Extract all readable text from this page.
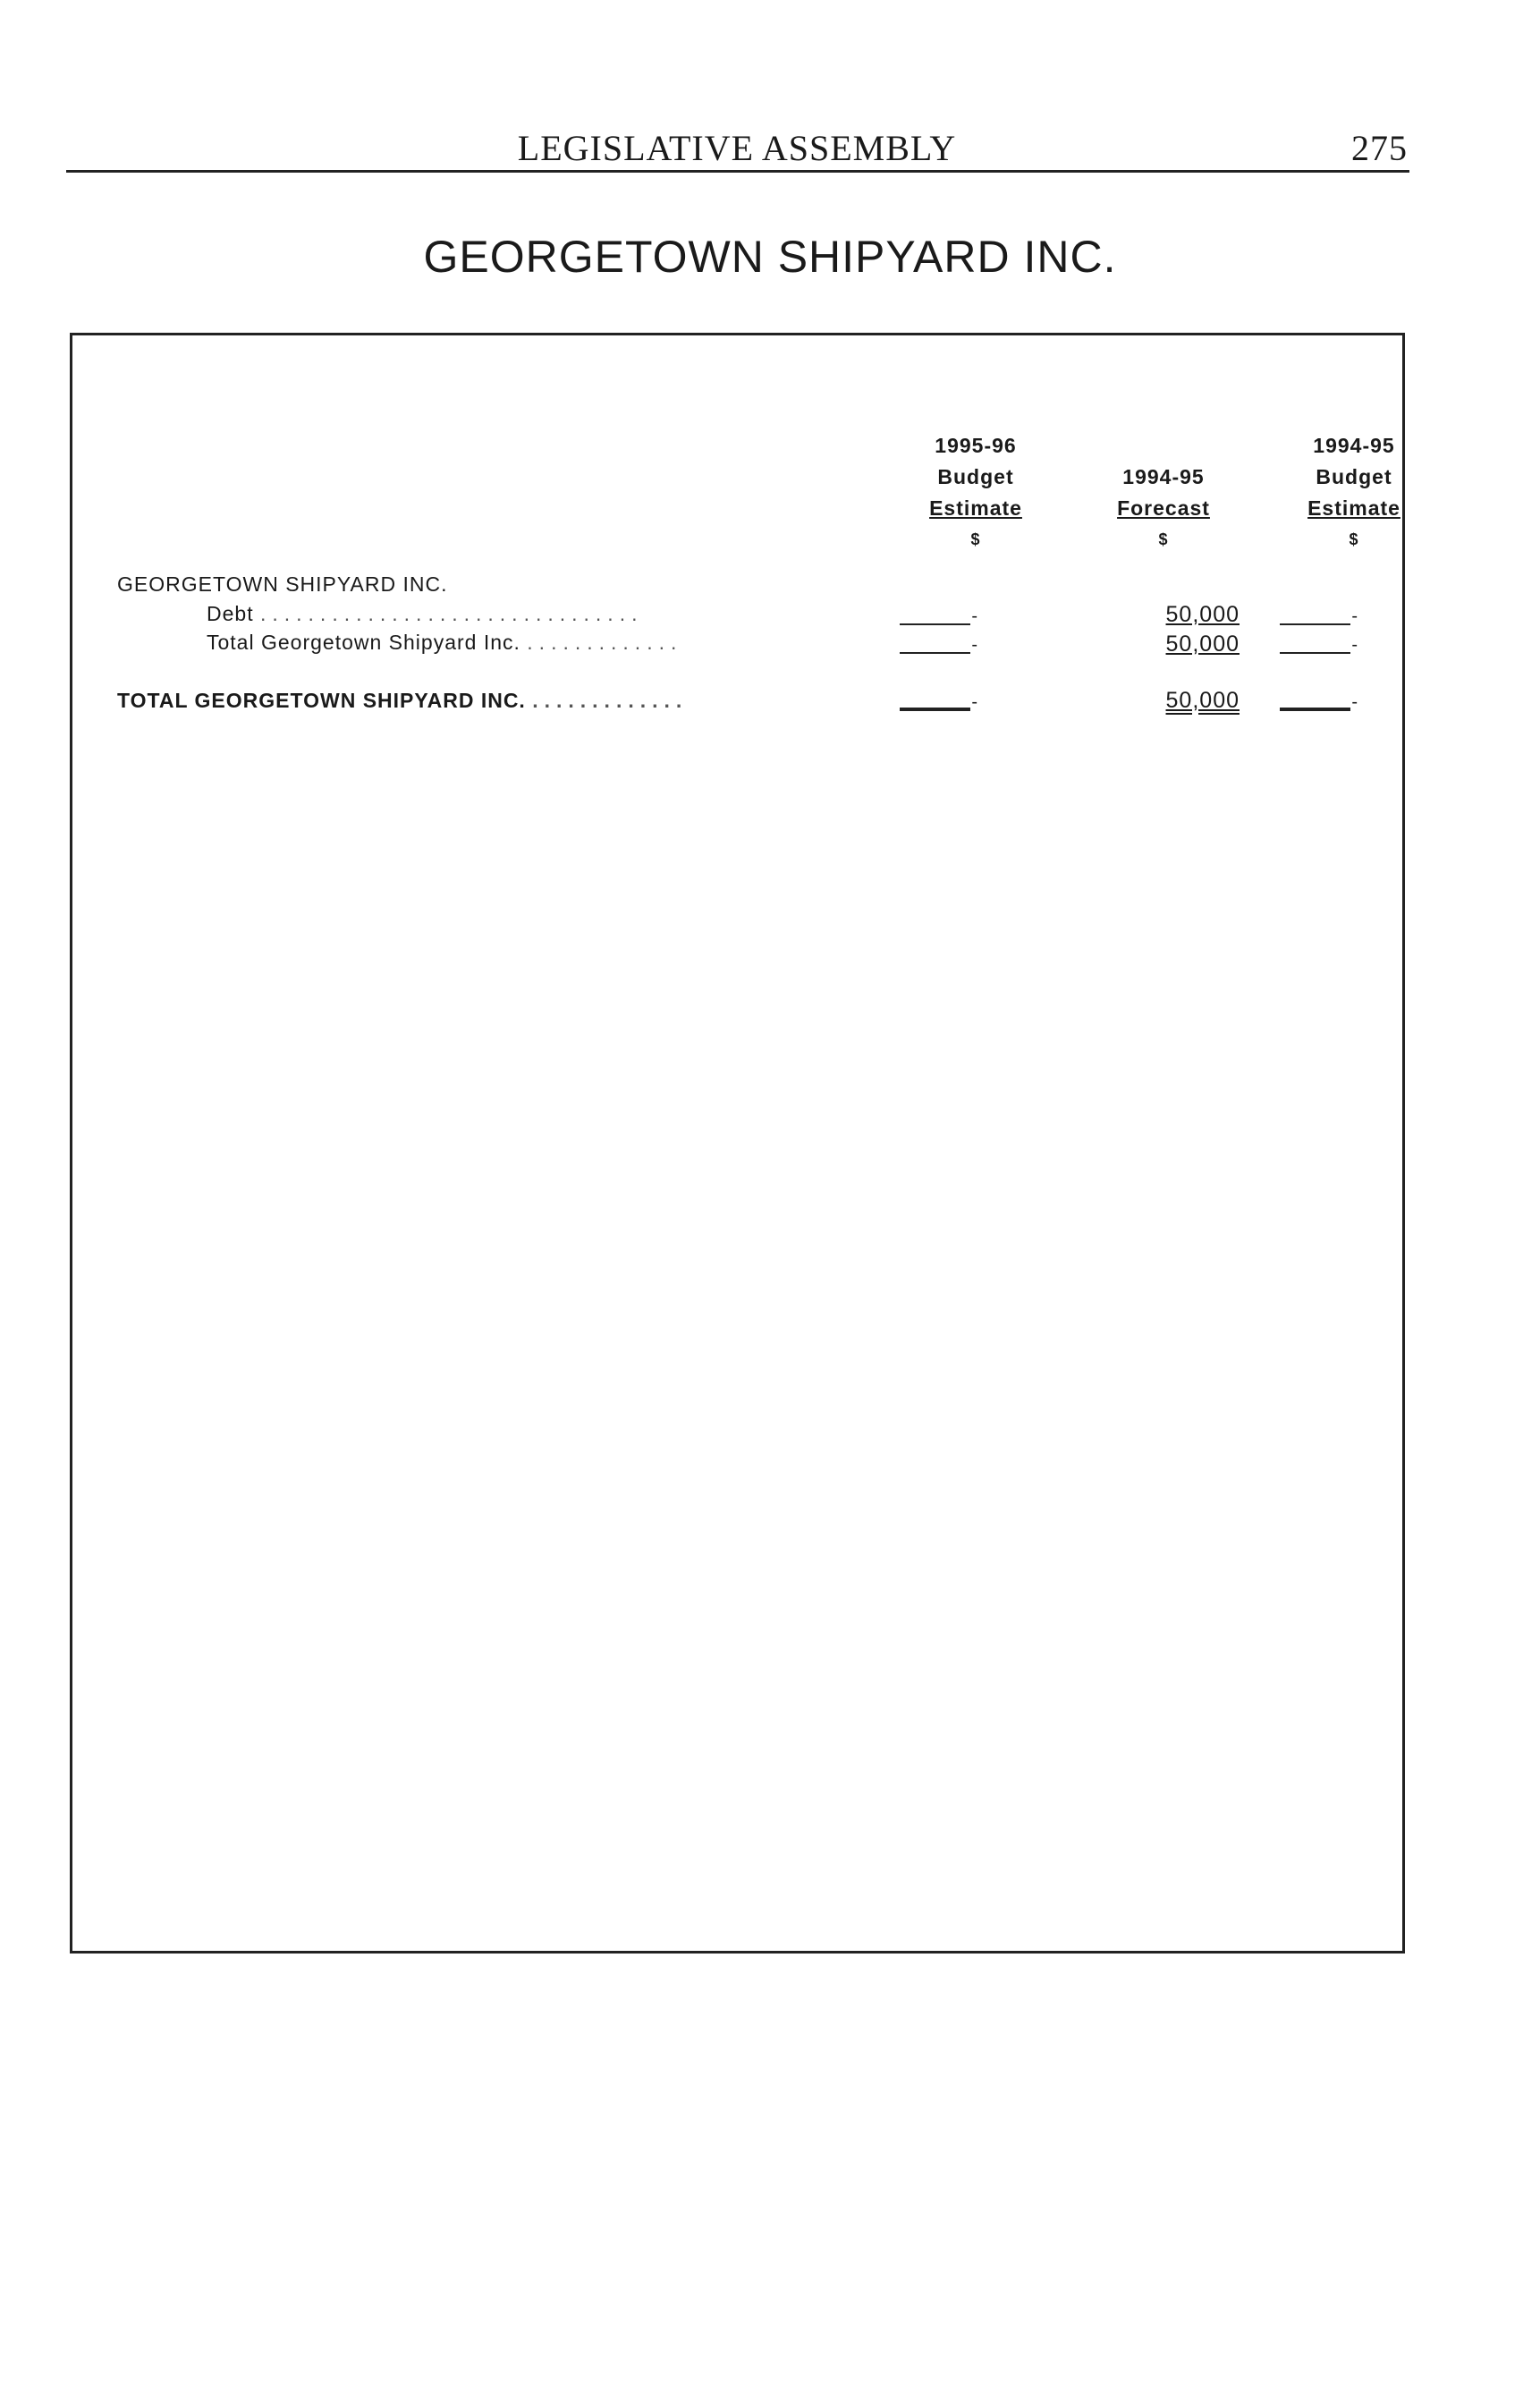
LEGISLATIVE ASSEMBLY	275
GEORGETOWN SHIPYARD INC.
1995-96
Budget
Estimate
$

1994-95
Forecast
$
1994-95
Budget
Estimate
$
GEORGETOWN SHIPYARD INC.
Debt ................................	-	50,000	-
Total Georgetown Shipyard Inc. .............	-	50,000	-
TOTAL GEORGETOWN SHIPYARD INC. .............	-	50,000	-
